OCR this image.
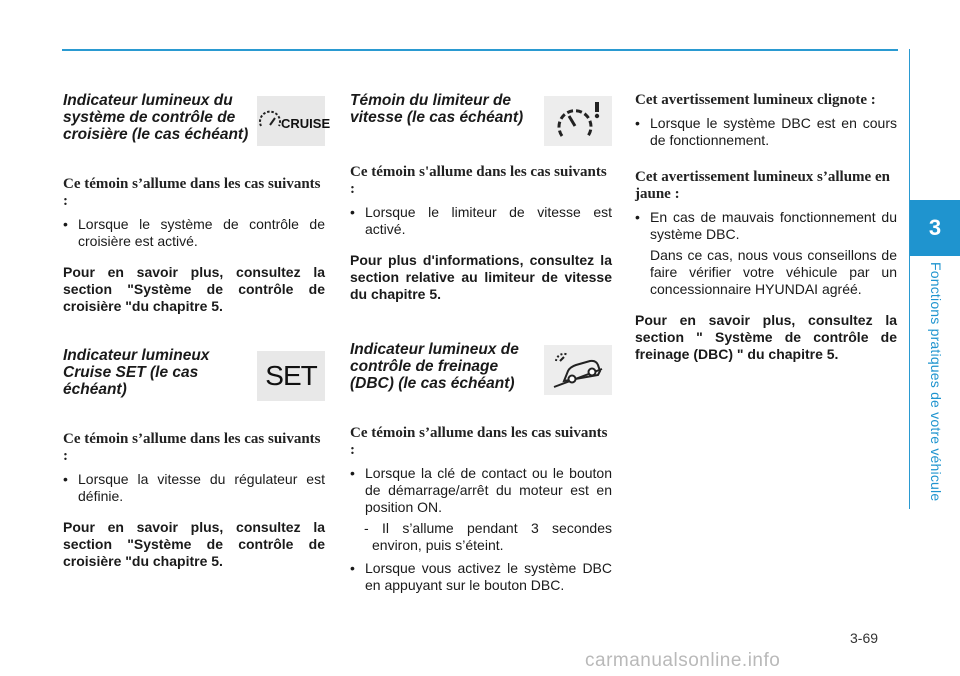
3
Fonctions pratiques de votre véhicule
Indicateur lumineux du système de contrôle de croisière (le cas échéant)
CRUISE

Ce témoin s’allume dans les cas suivants :

• Lorsque le système de contrôle de croisière est activé.

Pour en savoir plus, consultez la section "Système de contrôle de croisière "du chapitre 5.

Indicateur lumineux Cruise SET (le cas échéant)	SET

Ce témoin s’allume dans les cas suivants :

• Lorsque la vitesse du régulateur est définie.

Pour en savoir plus, consultez la section "Système de contrôle de croisière "du chapitre 5.

Témoin du limiteur de vitesse (le cas échéant)

Ce témoin s'allume dans les cas suivants :

• Lorsque le limiteur de vitesse est activé.

Pour plus d'informations, consultez la section relative au limiteur de vitesse du chapitre 5.

Indicateur lumineux de contrôle de freinage (DBC) (le cas échéant)

Ce témoin s’allume dans les cas suivants :

• Lorsque la clé de contact ou le bouton de démarrage/arrêt du moteur est en position ON.

- Il s’allume pendant 3 secondes environ, puis s’éteint.

• Lorsque vous activez le système DBC en appuyant sur le bouton DBC.

Cet avertissement lumineux clignote :

• Lorsque le système DBC est en cours de fonctionnement.

Cet avertissement lumineux s’allume en jaune :

• En cas de mauvais fonctionnement du système DBC.

Dans ce cas, nous vous conseillons de faire vérifier votre véhicule par un concessionnaire HYUNDAI agréé.

Pour en savoir plus, consultez la section " Système de contrôle de freinage (DBC) " du chapitre 5.

3-69
carmanualsonline.info
